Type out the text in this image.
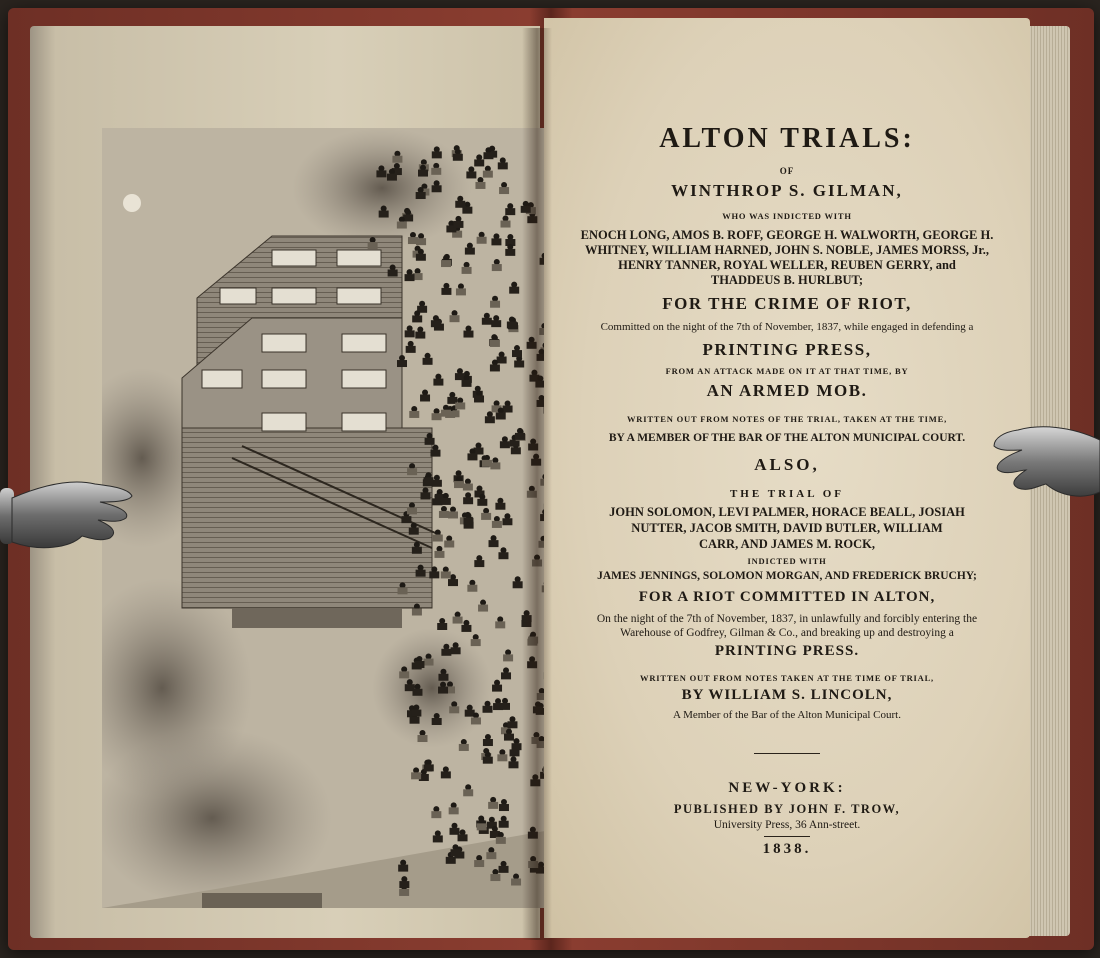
ALTON TRIALS:
OF
WINTHROP S. GILMAN,
WHO WAS INDICTED WITH
ENOCH LONG, AMOS B. ROFF, GEORGE H. WALWORTH, GEORGE H.
WHITNEY, WILLIAM HARNED, JOHN S. NOBLE, JAMES MORSS, Jr.,
HENRY TANNER, ROYAL WELLER, REUBEN GERRY, and
THADDEUS B. HURLBUT;
FOR THE CRIME OF RIOT,
Committed on the night of the 7th of November, 1837, while engaged in defending a
PRINTING PRESS,
FROM AN ATTACK MADE ON IT AT THAT TIME, BY
AN ARMED MOB.
WRITTEN OUT FROM NOTES OF THE TRIAL, TAKEN AT THE TIME,
BY A MEMBER OF THE BAR OF THE ALTON MUNICIPAL COURT.
ALSO,
THE TRIAL OF
JOHN SOLOMON, LEVI PALMER, HORACE BEALL, JOSIAH
NUTTER, JACOB SMITH, DAVID BUTLER, WILLIAM
CARR, AND JAMES M. ROCK,
INDICTED WITH
JAMES JENNINGS, SOLOMON MORGAN, AND FREDERICK BRUCHY;
FOR A RIOT COMMITTED IN ALTON,
On the night of the 7th of November, 1837, in unlawfully and forcibly entering the
Warehouse of Godfrey, Gilman & Co., and breaking up and destroying a
PRINTING PRESS.
WRITTEN OUT FROM NOTES TAKEN AT THE TIME OF TRIAL,
BY WILLIAM S. LINCOLN,
A Member of the Bar of the Alton Municipal Court.
NEW-YORK:
PUBLISHED BY JOHN F. TROW,
University Press, 36 Ann-street.
1838.
